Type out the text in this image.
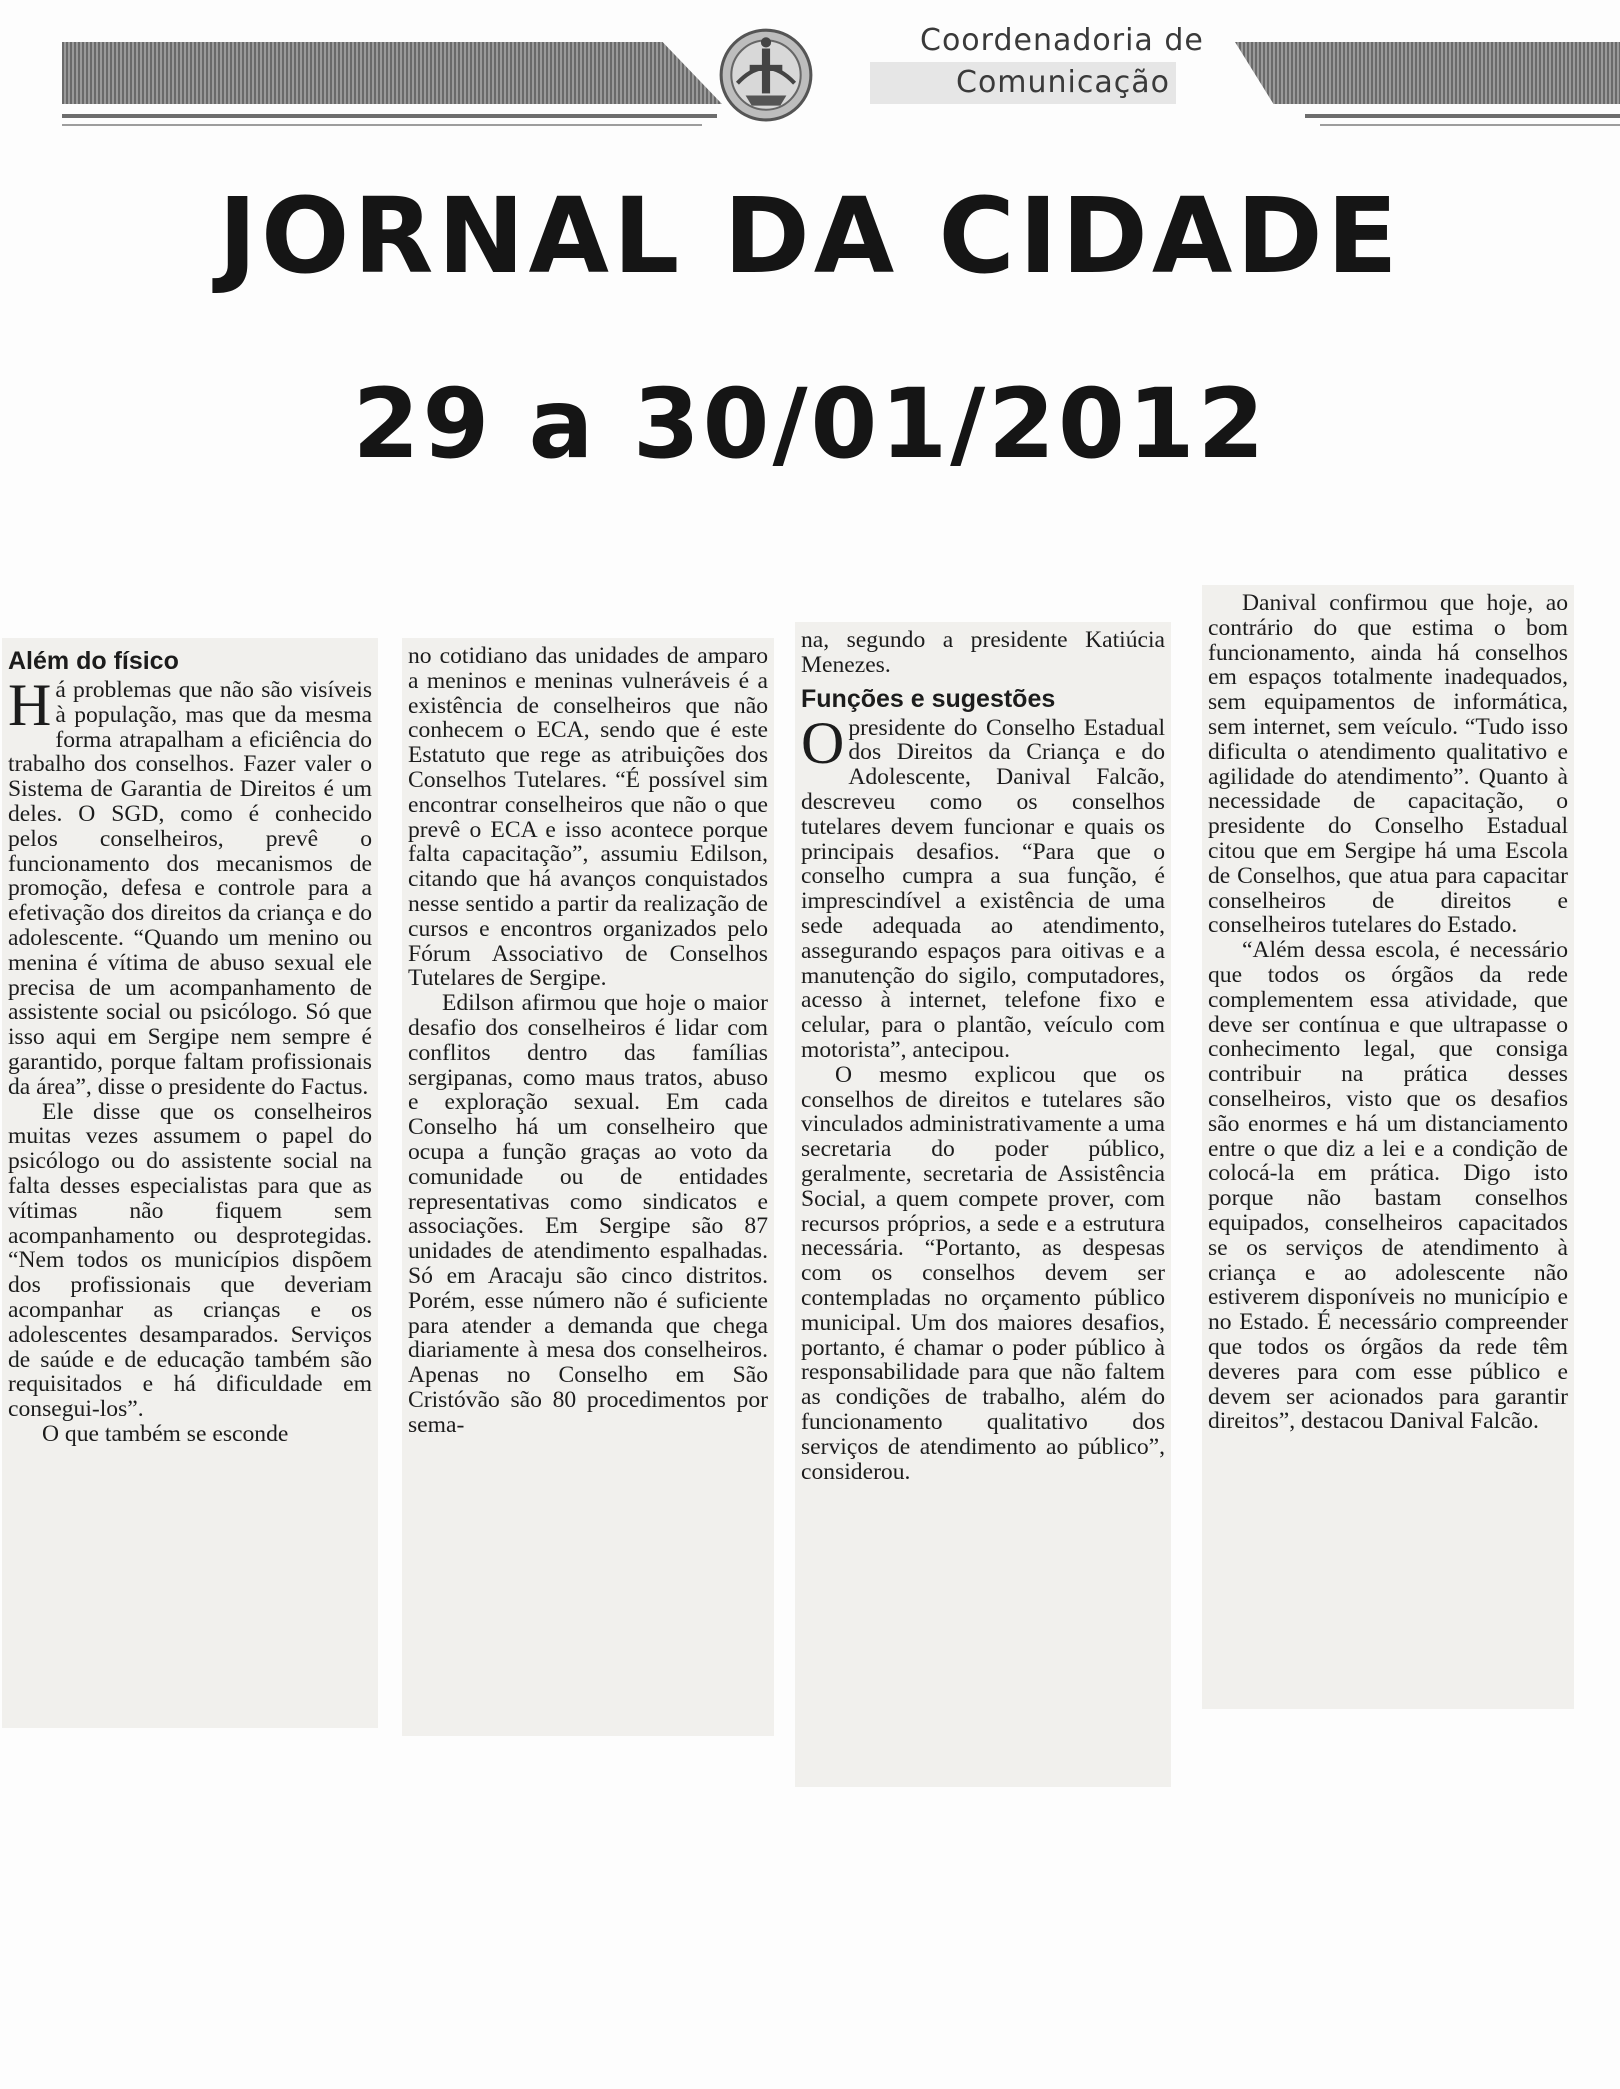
Coordenadoria de
Comunicação
JORNAL DA CIDADE
29 a 30/01/2012
Além do físico

Há problemas que não são visíveis à população, mas que da mesma forma atrapalham a eficiência do trabalho dos conselhos. Fazer valer o Sistema de Garantia de Direitos é um deles. O SGD, como é conhecido pelos conselheiros, prevê o funcionamento dos mecanismos de promoção, defesa e controle para a efetivação dos direitos da criança e do adolescente. “Quando um menino ou menina é vítima de abuso sexual ele precisa de um acompanhamento de assistente social ou psicólogo. Só que isso aqui em Sergipe nem sempre é garantido, porque faltam profissionais da área”, disse o presidente do Factus.

Ele disse que os conselheiros muitas vezes assumem o papel do psicólogo ou do assistente social na falta desses especialistas para que as vítimas não fiquem sem acompanhamento ou desprotegidas. “Nem todos os municípios dispõem dos profissionais que deveriam acompanhar as crianças e os adolescentes desamparados. Serviços de saúde e de educação também são requisitados e há dificuldade em consegui-los”.

O que também se esconde

no cotidiano das unidades de amparo a meninos e meninas vulneráveis é a existência de conselheiros que não conhecem o ECA, sendo que é este Estatuto que rege as atribuições dos Conselhos Tutelares. “É possível sim encontrar conselheiros que não o que prevê o ECA e isso acontece porque falta capacitação”, assumiu Edilson, citando que há avanços conquistados nesse sentido a partir da realização de cursos e encontros organizados pelo Fórum Associativo de Conselhos Tutelares de Sergipe.

Edilson afirmou que hoje o maior desafio dos conselheiros é lidar com conflitos dentro das famílias sergipanas, como maus tratos, abuso e exploração sexual. Em cada Conselho há um conselheiro que ocupa a função graças ao voto da comunidade ou de entidades representativas como sindicatos e associações. Em Sergipe são 87 unidades de atendimento espalhadas. Só em Aracaju são cinco distritos. Porém, esse número não é suficiente para atender a demanda que chega diariamente à mesa dos conselheiros. Apenas no Conselho em São Cristóvão são 80 procedimentos por sema-

na, segundo a presidente Katiúcia Menezes.

Funções e sugestões

Opresidente do Conselho Estadual dos Direitos da Criança e do Adolescente, Danival Falcão, descreveu como os conselhos tutelares devem funcionar e quais os principais desafios. “Para que o conselho cumpra a sua função, é imprescindível a existência de uma sede adequada ao atendimento, assegurando espaços para oitivas e a manutenção do sigilo, computadores, acesso à internet, telefone fixo e celular, para o plantão, veículo com motorista”, antecipou.

O mesmo explicou que os conselhos de direitos e tutelares são vinculados administrativamente a uma secretaria do poder público, geralmente, secretaria de Assistência Social, a quem compete prover, com recursos próprios, a sede e a estrutura necessária. “Portanto, as despesas com os conselhos devem ser contempladas no orçamento público municipal. Um dos maiores desafios, portanto, é chamar o poder público à responsabilidade para que não faltem as condições de trabalho, além do funcionamento qualitativo dos serviços de atendimento ao público”, considerou.

Danival confirmou que hoje, ao contrário do que estima o bom funcionamento, ainda há conselhos em espaços totalmente inadequados, sem equipamentos de informática, sem internet, sem veículo. “Tudo isso dificulta o atendimento qualitativo e agilidade do atendimento”. Quanto à necessidade de capacitação, o presidente do Conselho Estadual citou que em Sergipe há uma Escola de Conselhos, que atua para capacitar conselheiros de direitos e conselheiros tutelares do Estado.

“Além dessa escola, é necessário que todos os órgãos da rede complementem essa atividade, que deve ser contínua e que ultrapasse o conhecimento legal, que consiga contribuir na prática desses conselheiros, visto que os desafios são enormes e há um distanciamento entre o que diz a lei e a condição de colocá-la em prática. Digo isto porque não bastam conselhos equipados, conselheiros capacitados se os serviços de atendimento à criança e ao adolescente não estiverem disponíveis no município e no Estado. É necessário compreender que todos os órgãos da rede têm deveres para com esse público e devem ser acionados para garantir direitos”, destacou Danival Falcão.
